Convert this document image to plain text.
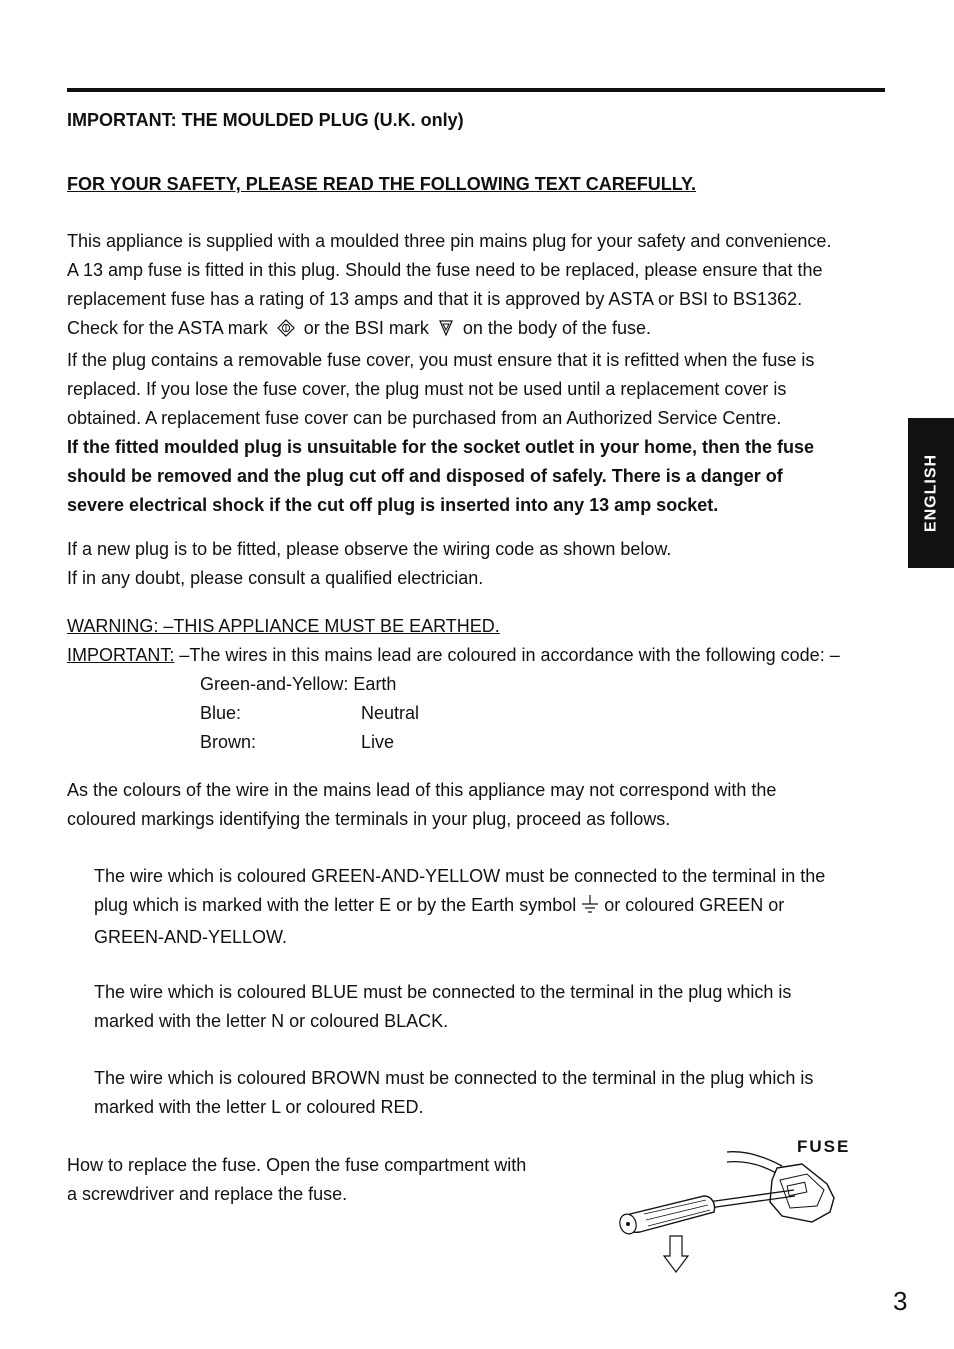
IMPORTANT: THE MOULDED PLUG (U.K. only)
FOR YOUR SAFETY, PLEASE READ THE FOLLOWING TEXT CAREFULLY.

This appliance is supplied with a moulded three pin mains plug for your safety and convenience.

A 13 amp fuse is fitted in this plug. Should the fuse need to be replaced, please ensure that the

replacement fuse has a rating of 13 amps and that it is approved by ASTA or BSI to BS1362.

Check for the ASTA mark or the BSI mark on the body of the fuse.

If the plug contains a removable fuse cover, you must ensure that it is refitted when the fuse is

replaced. If you lose the fuse cover, the plug must not be used until a replacement cover is

obtained. A replacement fuse cover can be purchased from an Authorized Service Centre.

If the fitted moulded plug is unsuitable for the socket outlet in your home, then the fuse

should be removed and the plug cut off and disposed of safely. There is a danger of

severe electrical shock if the cut off plug is inserted into any 13 amp socket.

If a new plug is to be fitted, please observe the wiring code as shown below.

If in any doubt, please consult a qualified electrician.

WARNING: –THIS APPLIANCE MUST BE EARTHED.

IMPORTANT: –The wires in this mains lead are coloured in accordance with the following code: –

Green-and-Yellow: Earth
Blue:	Neutral
Brown:	Live

As the colours of the wire in the mains lead of this appliance may not correspond with the

coloured markings identifying the terminals in your plug, proceed as follows.

The wire which is coloured GREEN-AND-YELLOW must be connected to the terminal in the

plug which is marked with the letter E or by the Earth symbol or coloured GREEN or

GREEN-AND-YELLOW.

The wire which is coloured BLUE must be connected to the terminal in the plug which is

marked with the letter N or coloured BLACK.

The wire which is coloured BROWN must be connected to the terminal in the plug which is

marked with the letter L or coloured RED.

How to replace the fuse. Open the fuse compartment with

a screwdriver and replace the fuse.

FUSE
ENGLISH
3
